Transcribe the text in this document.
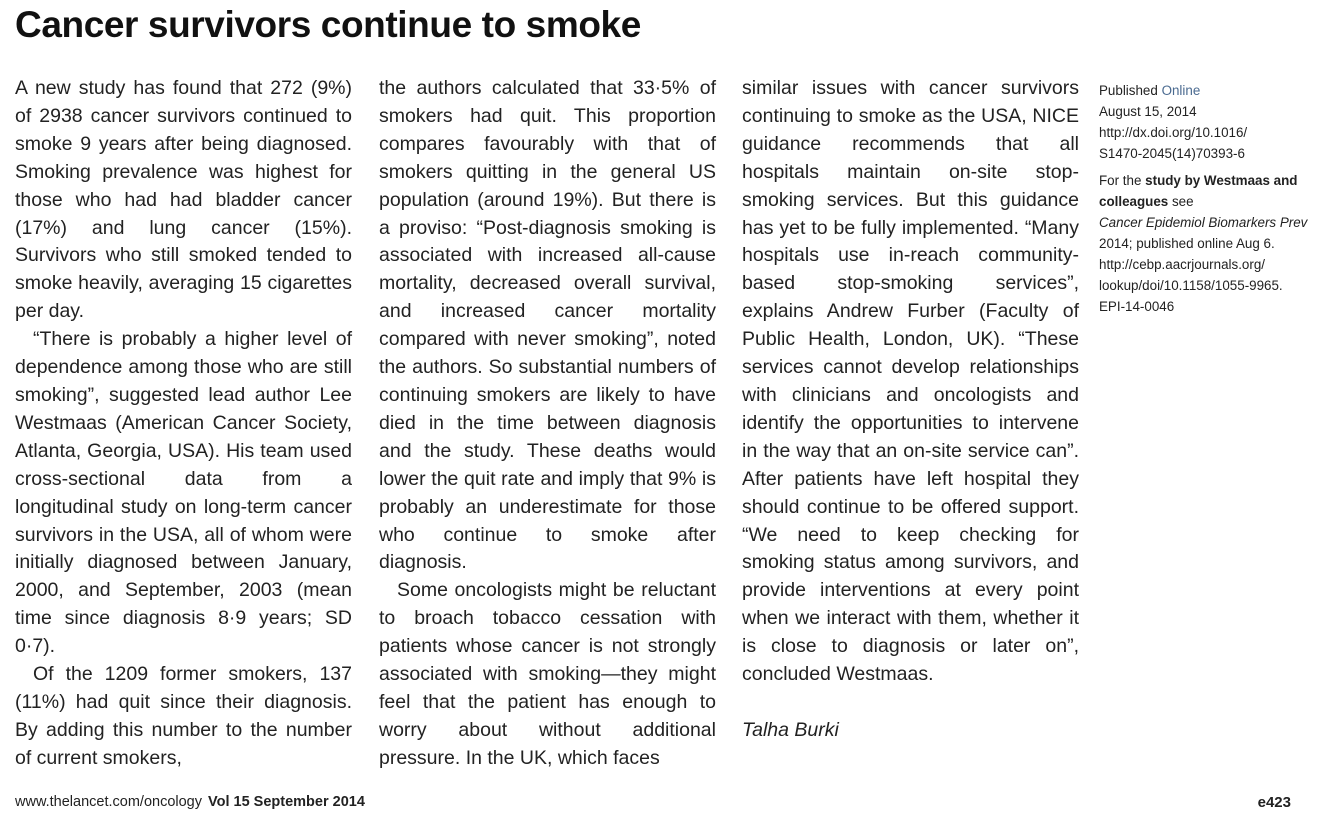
Cancer survivors continue to smoke

A new study has found that 272 (9%) of 2938 cancer survivors continued to smoke 9 years after being diagnosed. Smoking prevalence was highest for those who had had bladder cancer (17%) and lung cancer (15%). Survivors who still smoked tended to smoke heavily, averaging 15 cigarettes per day.

“There is probably a higher level of dependence among those who are still smoking”, suggested lead author Lee Westmaas (American Cancer Society, Atlanta, Georgia, USA). His team used cross-sectional data from a longitudinal study on long-term cancer survivors in the USA, all of whom were initially diagnosed between January, 2000, and September, 2003 (mean time since diagnosis 8·9 years; SD 0·7).

Of the 1209 former smokers, 137 (11%) had quit since their diagnosis. By adding this number to the number of current smokers,

the authors calculated that 33·5% of smokers had quit. This proportion compares favourably with that of smokers quitting in the general US population (around 19%). But there is a proviso: “Post-diagnosis smoking is associated with increased all-cause mortality, decreased overall survival, and increased cancer mortality compared with never smoking”, noted the authors. So substantial numbers of continuing smokers are likely to have died in the time between diagnosis and the study. These deaths would lower the quit rate and imply that 9% is probably an underestimate for those who continue to smoke after diagnosis.

Some oncologists might be reluctant to broach tobacco cessation with patients whose cancer is not strongly associated with smoking—they might feel that the patient has enough to worry about without additional pressure. In the UK, which faces

similar issues with cancer survivors continuing to smoke as the USA, NICE guidance recommends that all hospitals maintain on-site stop-smoking services. But this guidance has yet to be fully implemented. “Many hospitals use in-reach community-based stop-smoking services”, explains Andrew Furber (Faculty of Public Health, London, UK). “These services cannot develop relationships with clinicians and oncologists and identify the opportunities to intervene in the way that an on-site service can”. After patients have left hospital they should continue to be offered support. “We need to keep checking for smoking status among survivors, and provide interventions at every point when we interact with them, whether it is close to diagnosis or later on”, concluded Westmaas.

Talha Burki

Published Online
August 15, 2014
http://dx.doi.org/10.1016/
S1470-2045(14)70393-6
For the study by Westmaas and
colleagues see
Cancer Epidemiol Biomarkers Prev
2014; published online Aug 6.
http://cebp.aacrjournals.org/
lookup/doi/10.1158/1055-9965.
EPI-14-0046
www.thelancet.com/oncology Vol 15 September 2014	e423
